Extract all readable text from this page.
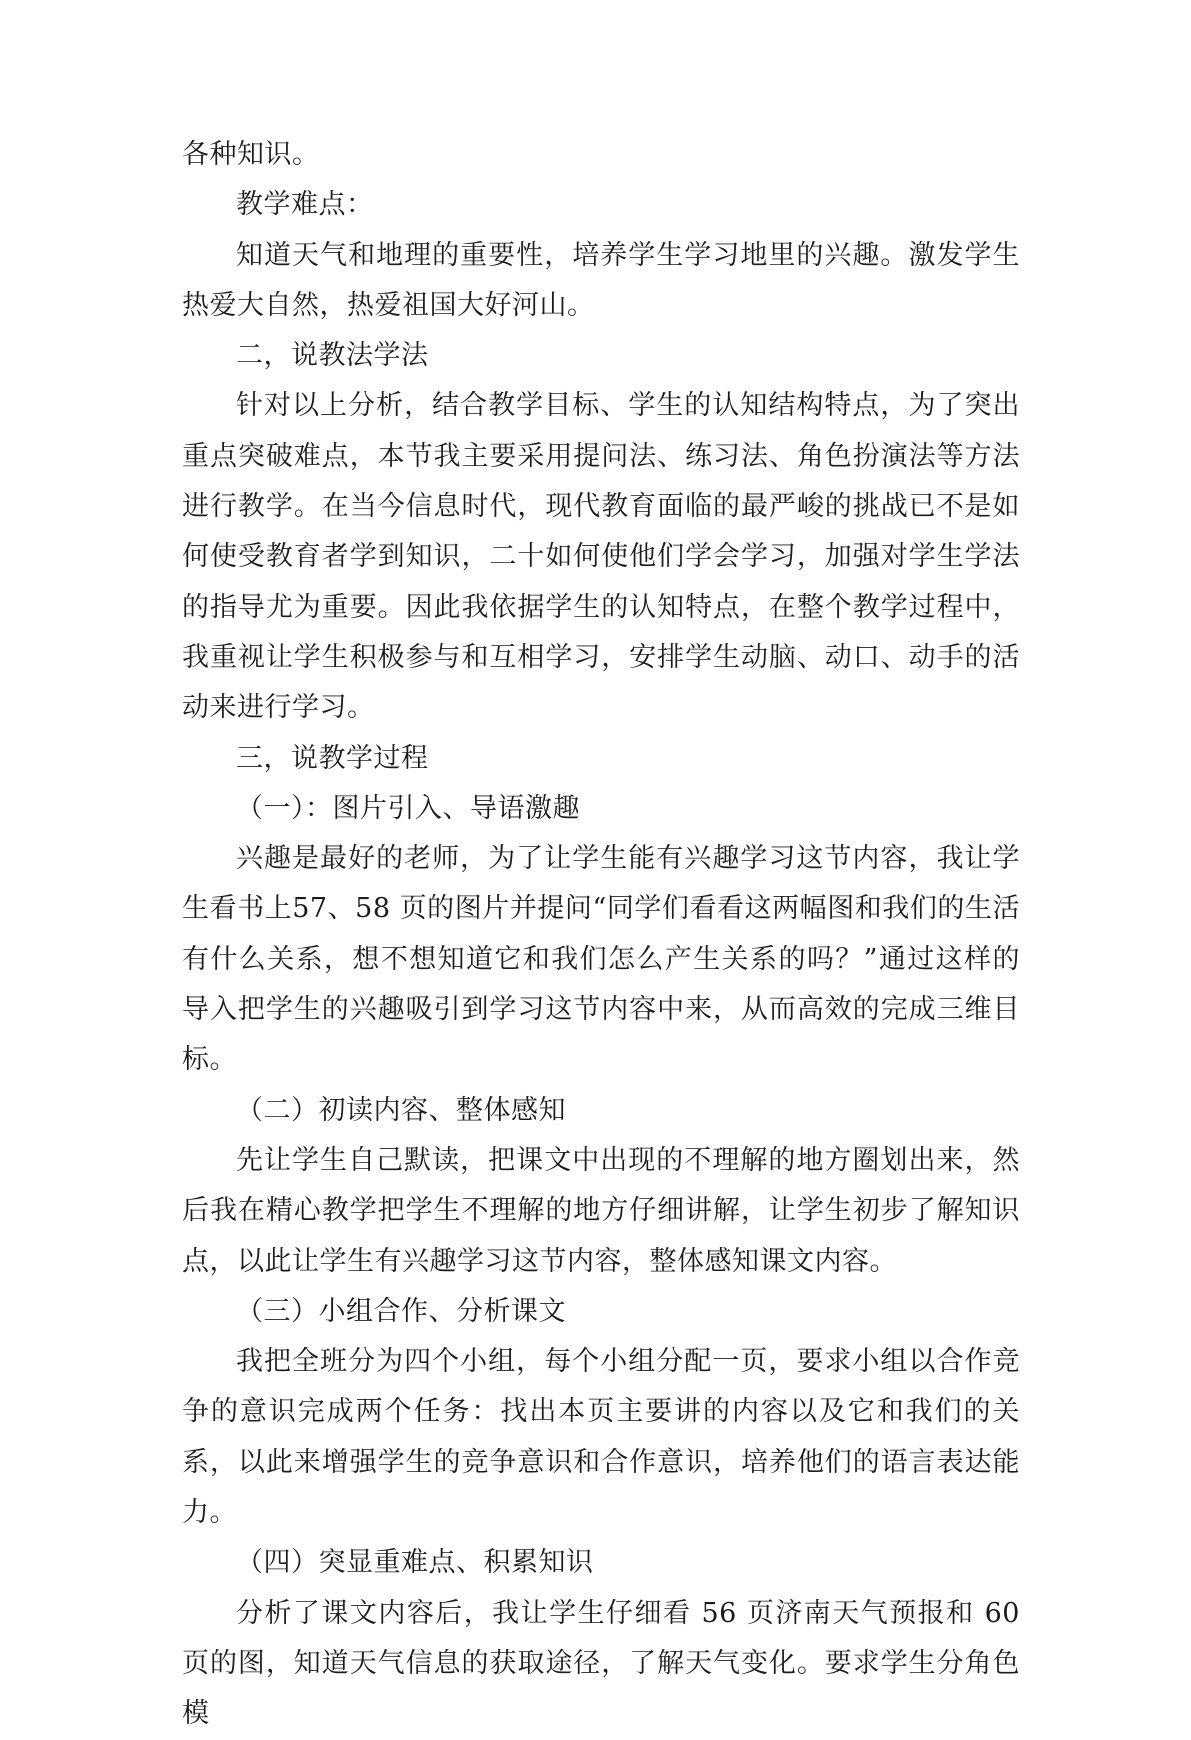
各种知识。

教学难点：

知道天气和地理的重要性，培养学生学习地里的兴趣。激发学生热爱大自然，热爱祖国大好河山。

二，说教法学法

针对以上分析，结合教学目标、学生的认知结构特点，为了突出重点突破难点，本节我主要采用提问法、练习法、角色扮演法等方法进行教学。在当今信息时代，现代教育面临的最严峻的挑战已不是如何使受教育者学到知识，二十如何使他们学会学习，加强对学生学法的指导尤为重要。因此我依据学生的认知特点，在整个教学过程中，我重视让学生积极参与和互相学习，安排学生动脑、动口、动手的活动来进行学习。

三，说教学过程

（一）：图片引入、导语激趣

兴趣是最好的老师，为了让学生能有兴趣学习这节内容，我让学生看书上57、58 页的图片并提问“同学们看看这两幅图和我们的生活有什么关系，想不想知道它和我们怎么产生关系的吗？”通过这样的导入把学生的兴趣吸引到学习这节内容中来，从而高效的完成三维目标。

（二）初读内容、整体感知

先让学生自己默读，把课文中出现的不理解的地方圈划出来，然后我在精心教学把学生不理解的地方仔细讲解，让学生初步了解知识点，以此让学生有兴趣学习这节内容，整体感知课文内容。

（三）小组合作、分析课文

我把全班分为四个小组，每个小组分配一页，要求小组以合作竞争的意识完成两个任务：找出本页主要讲的内容以及它和我们的关系，以此来增强学生的竞争意识和合作意识，培养他们的语言表达能力。

（四）突显重难点、积累知识

分析了课文内容后，我让学生仔细看 56 页济南天气预报和 60 页的图，知道天气信息的获取途径，了解天气变化。要求学生分角色模
